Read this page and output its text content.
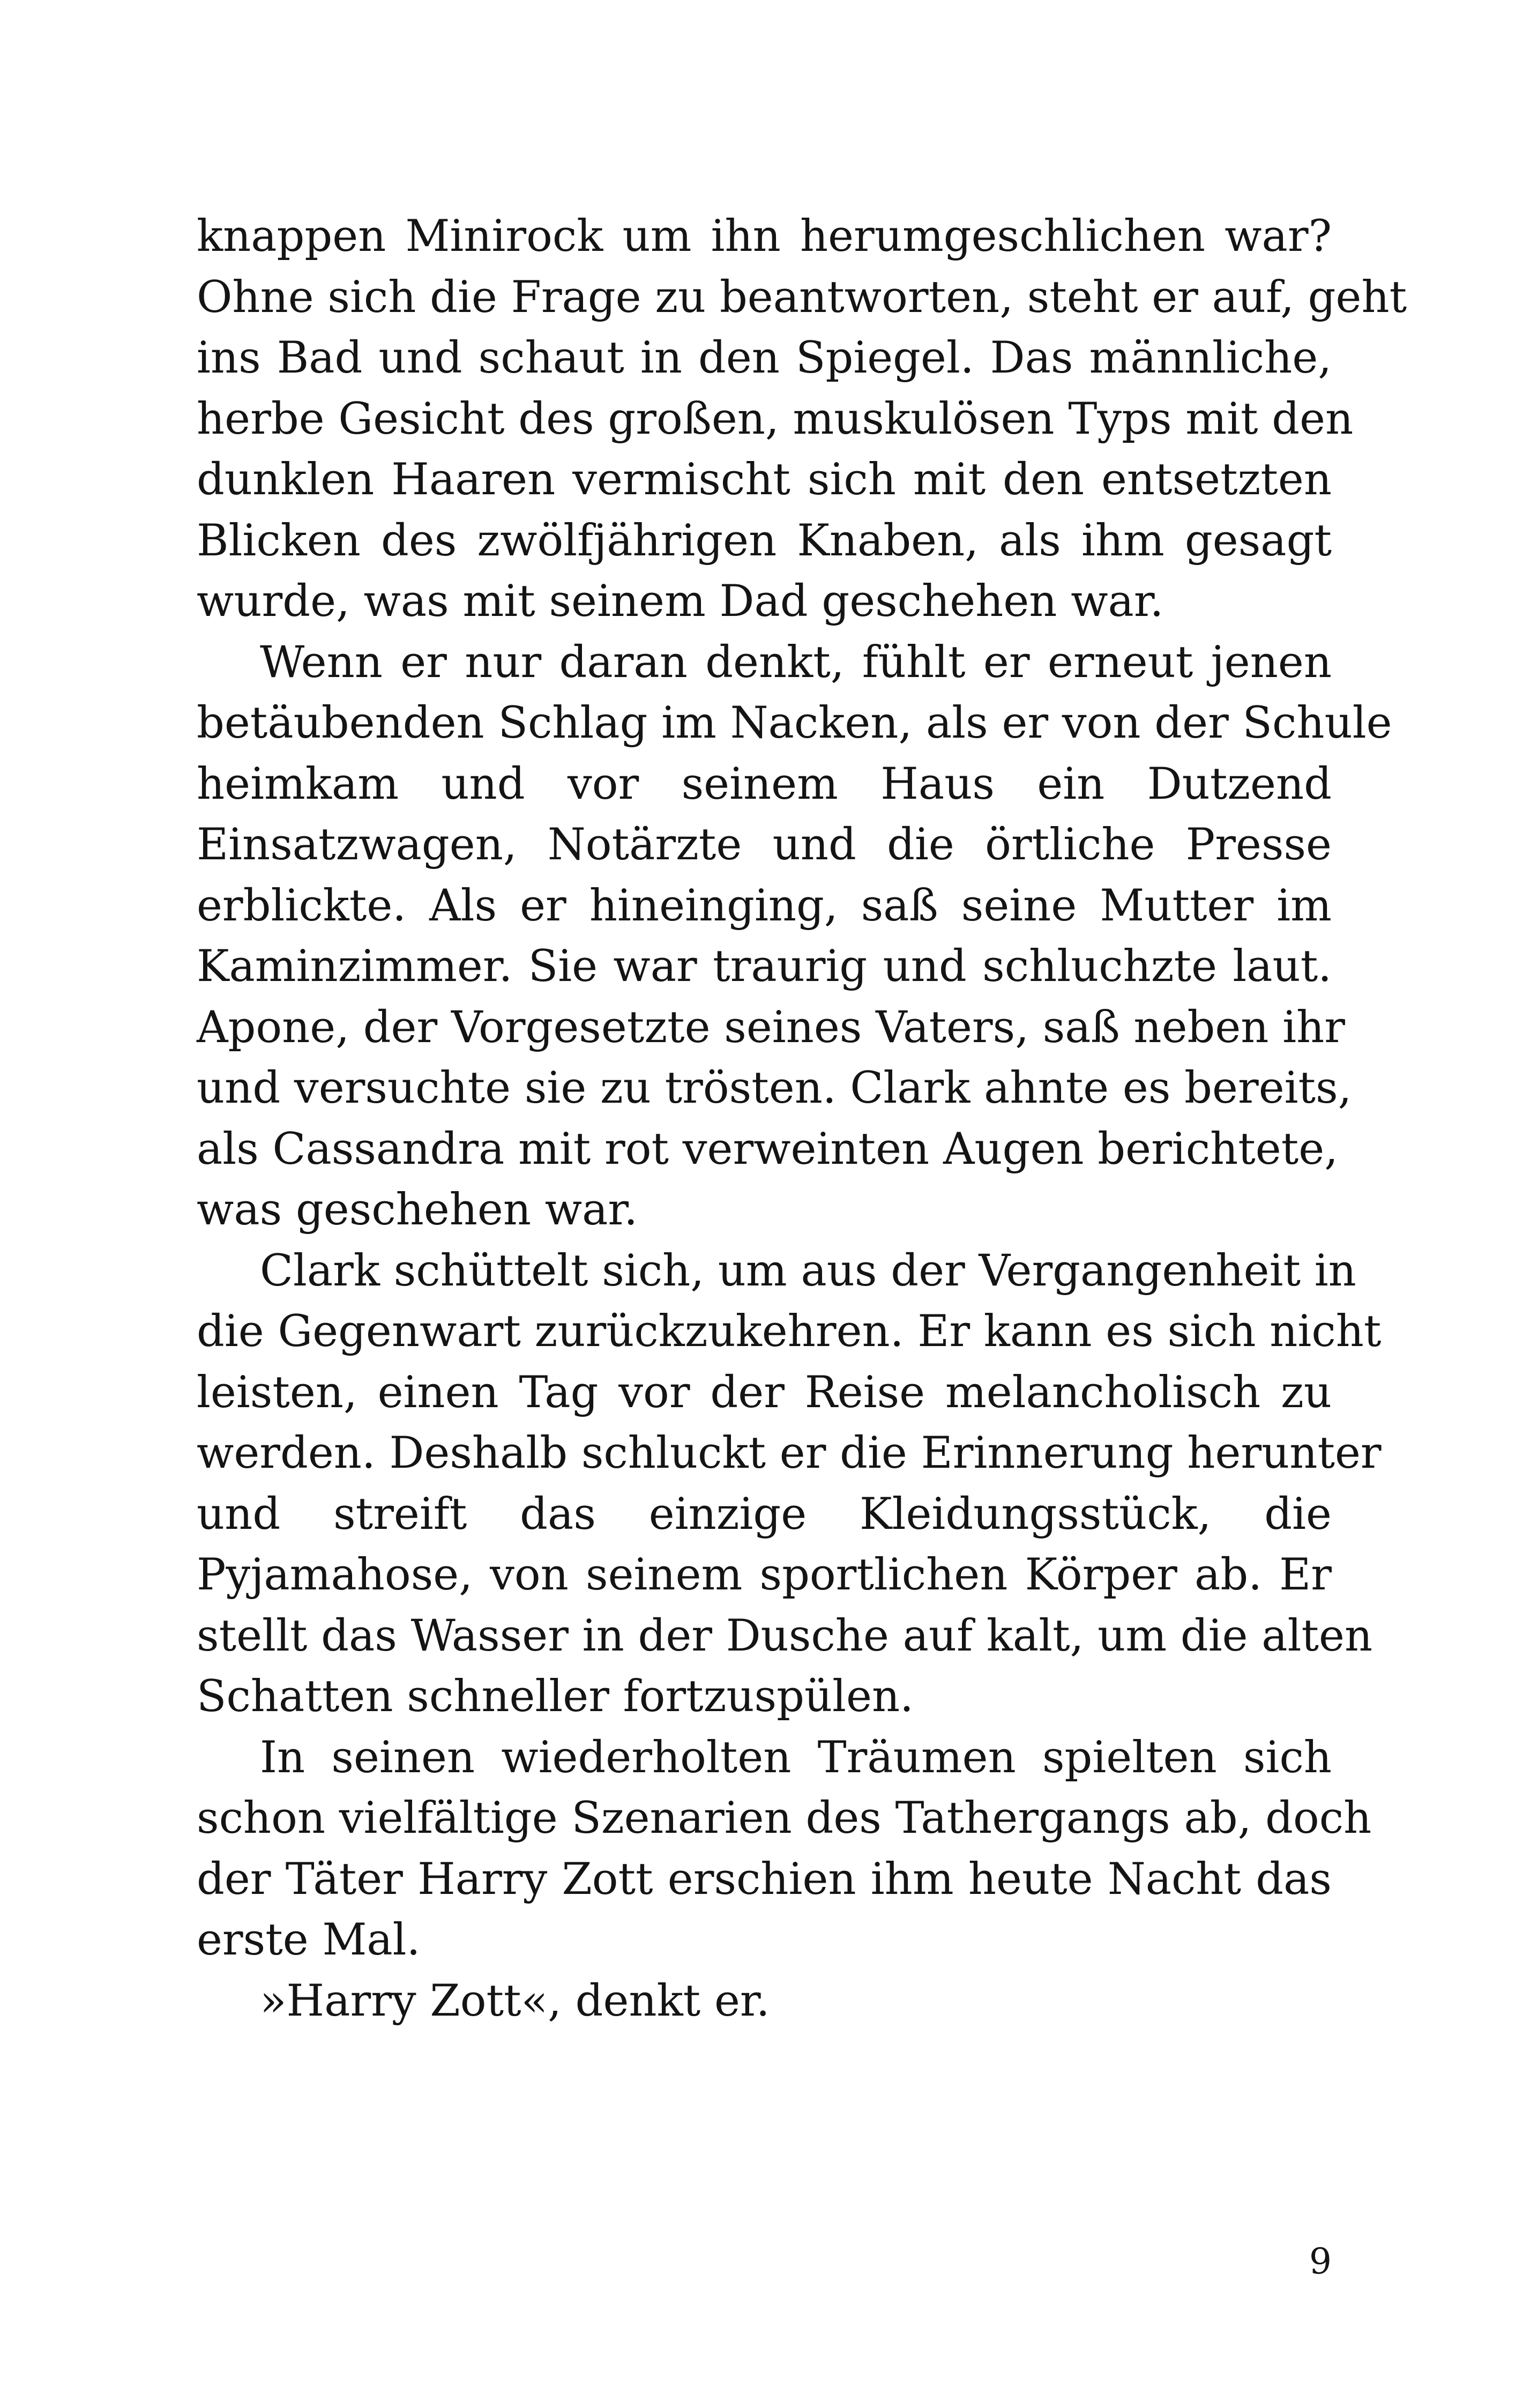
knappen Minirock um ihn herumgeschlichen war?
Ohne sich die Frage zu beantworten, steht er auf, geht
ins Bad und schaut in den Spiegel. Das männliche,
herbe Gesicht des großen, muskulösen Typs mit den
dunklen Haaren vermischt sich mit den entsetzten
Blicken des zwölfjährigen Knaben, als ihm gesagt
wurde, was mit seinem Dad geschehen war.

Wenn er nur daran denkt, fühlt er erneut jenen
betäubenden Schlag im Nacken, als er von der Schule
heimkam und vor seinem Haus ein Dutzend
Einsatzwagen, Notärzte und die örtliche Presse
erblickte. Als er hineinging, saß seine Mutter im
Kaminzimmer. Sie war traurig und schluchzte laut.
Apone, der Vorgesetzte seines Vaters, saß neben ihr
und versuchte sie zu trösten. Clark ahnte es bereits,
als Cassandra mit rot verweinten Augen berichtete,
was geschehen war.

Clark schüttelt sich, um aus der Vergangenheit in
die Gegenwart zurückzukehren. Er kann es sich nicht
leisten, einen Tag vor der Reise melancholisch zu
werden. Deshalb schluckt er die Erinnerung herunter
und streift das einzige Kleidungsstück, die
Pyjamahose, von seinem sportlichen Körper ab. Er
stellt das Wasser in der Dusche auf kalt, um die alten
Schatten schneller fortzuspülen.

In seinen wiederholten Träumen spielten sich
schon vielfältige Szenarien des Tathergangs ab, doch
der Täter Harry Zott erschien ihm heute Nacht das
erste Mal.

»Harry Zott«, denkt er.

9
